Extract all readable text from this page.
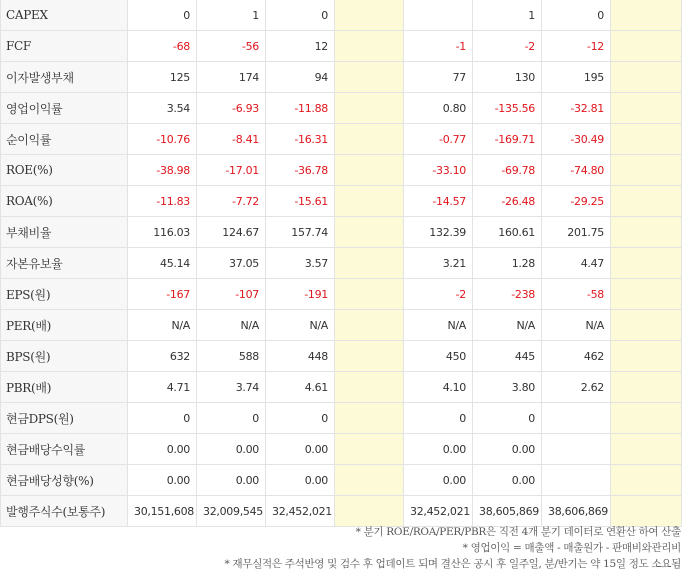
CAPEX	0	1	0			1	0	
FCF	-68	-56	12		-1	-2	-12	
이자발생부채	125	174	94		77	130	195	
영업이익률	3.54	-6.93	-11.88		0.80	-135.56	-32.81	
순이익률	-10.76	-8.41	-16.31		-0.77	-169.71	-30.49	
ROE(%)	-38.98	-17.01	-36.78		-33.10	-69.78	-74.80	
ROA(%)	-11.83	-7.72	-15.61		-14.57	-26.48	-29.25	
부채비율	116.03	124.67	157.74		132.39	160.61	201.75	
자본유보율	45.14	37.05	3.57		3.21	1.28	4.47	
EPS(원)	-167	-107	-191		-2	-238	-58	
PER(배)	N/A	N/A	N/A		N/A	N/A	N/A	
BPS(원)	632	588	448		450	445	462	
PBR(배)	4.71	3.74	4.61		4.10	3.80	2.62	
현금DPS(원)	0	0	0		0	0		
현금배당수익률	0.00	0.00	0.00		0.00	0.00		
현금배당성향(%)	0.00	0.00	0.00		0.00	0.00		
발행주식수(보통주)	30,151,608	32,009,545	32,452,021		32,452,021	38,605,869	38,606,869	
* 분기 ROE/ROA/PER/PBR은 직전 4개 분기 데이터로 연환산 하여 산출
* 영업이익 = 매출액 - 매출원가 - 판매비와관리비
* 재무실적은 주석반영 및 검수 후 업데이트 되며 결산은 공시 후 일주일, 분/반기는 약 15일 정도 소요됨
